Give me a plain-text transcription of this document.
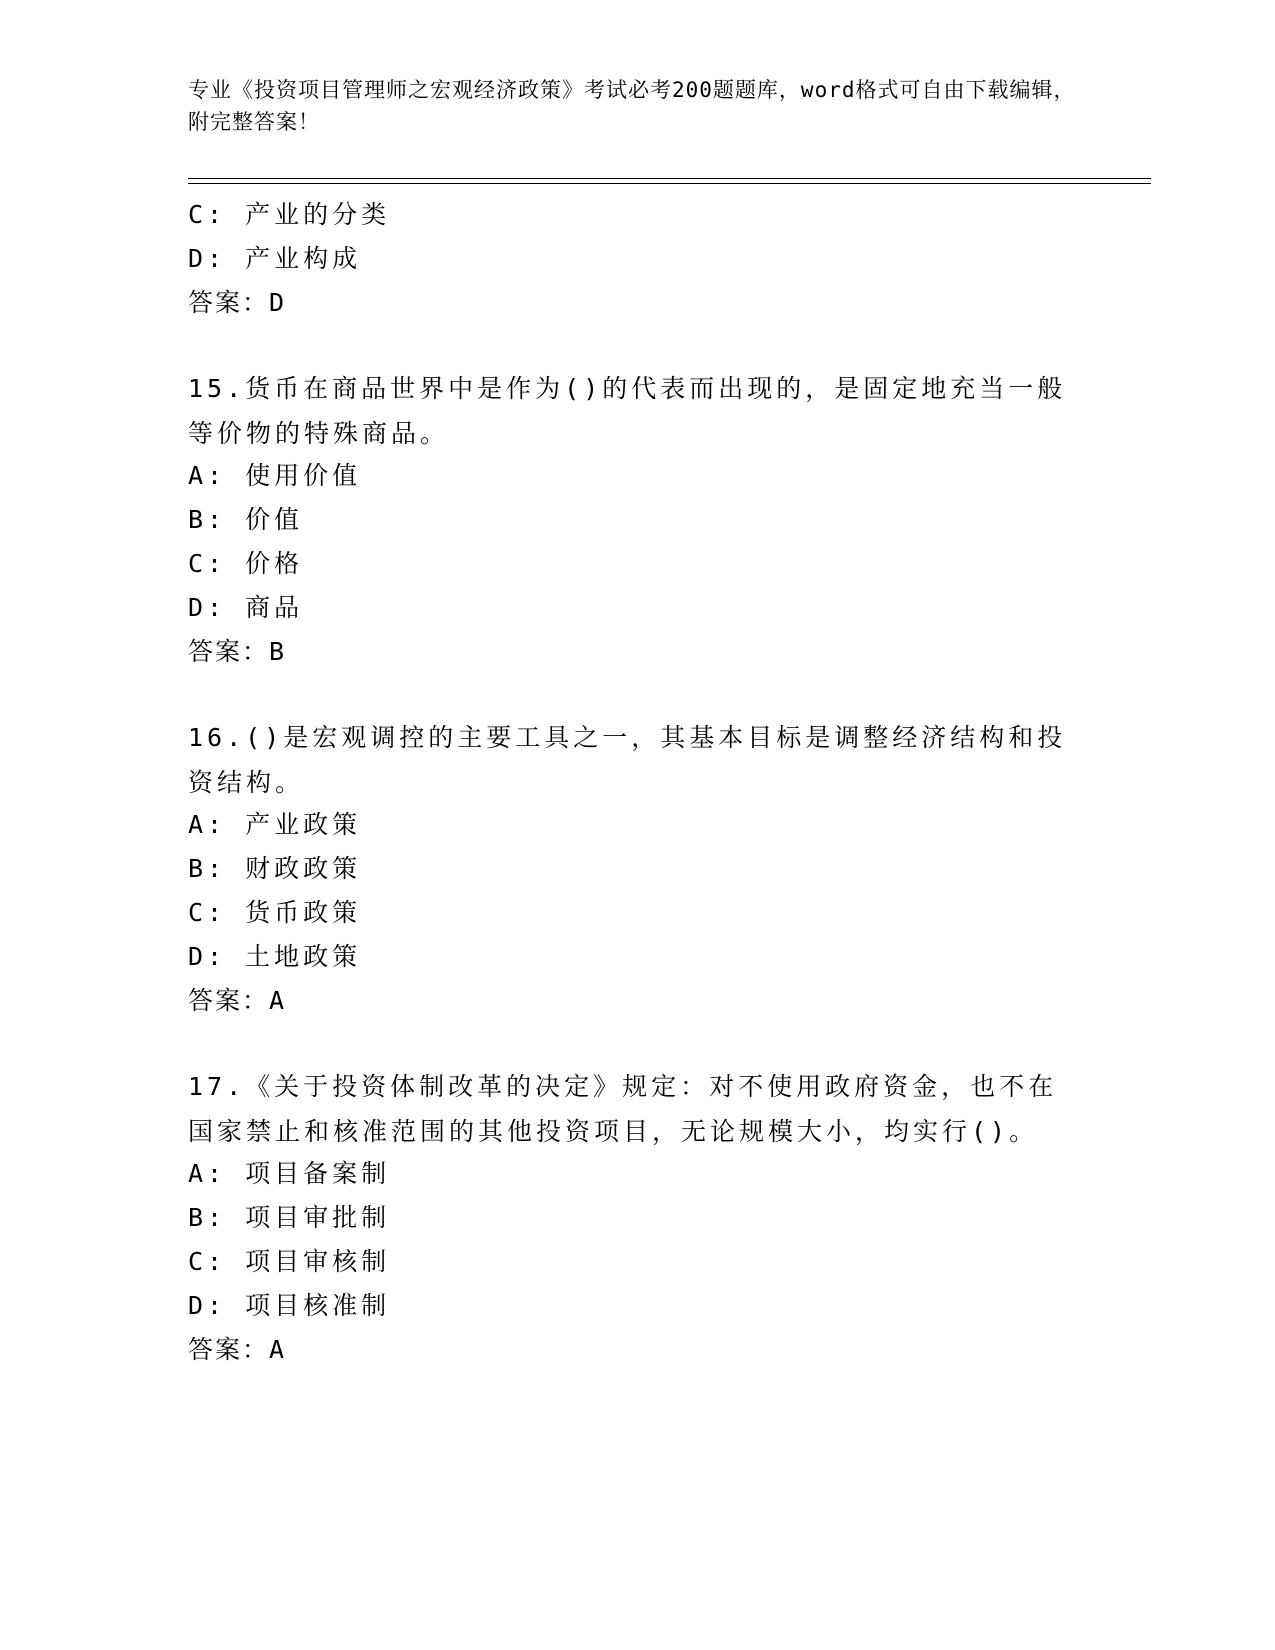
专业《投资项目管理师之宏观经济政策》考试必考200题题库，word格式可自由下载编辑，附完整答案！
C: 产业的分类
D: 产业构成
答案：D
15.货币在商品世界中是作为()的代表而出现的，是固定地充当一般等价物的特殊商品。
A: 使用价值
B: 价值
C: 价格
D: 商品
答案：B
16.()是宏观调控的主要工具之一，其基本目标是调整经济结构和投资结构。
A: 产业政策
B: 财政政策
C: 货币政策
D: 土地政策
答案：A
17.《关于投资体制改革的决定》规定：对不使用政府资金，也不在国家禁止和核准范围的其他投资项目，无论规模大小，均实行()。
A: 项目备案制
B: 项目审批制
C: 项目审核制
D: 项目核准制
答案：A
